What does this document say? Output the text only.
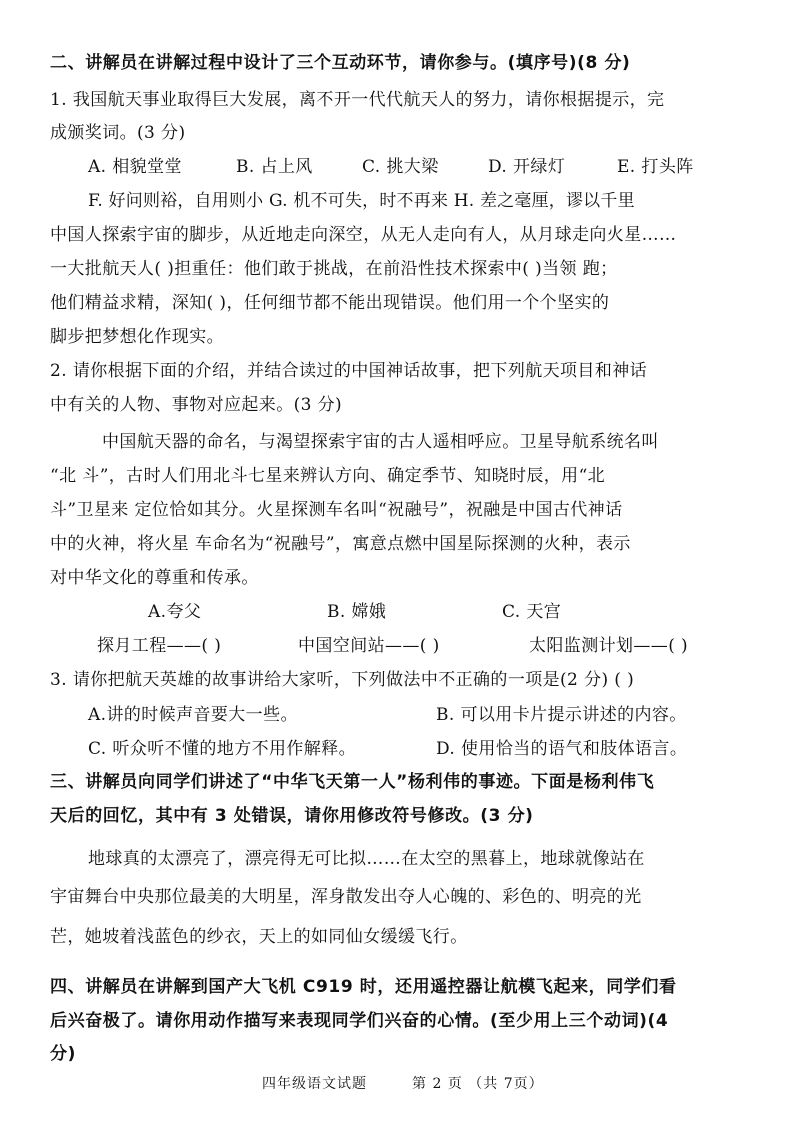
二、讲解员在讲解过程中设计了三个互动环节，请你参与。(填序号)(8 分)
1. 我国航天事业取得巨大发展，离不开一代代航天人的努力，请你根据提示，完
成颁奖词。(3 分)
A. 相貌堂堂	B. 占上风	C. 挑大梁	D. 开绿灯	E. 打头阵
F. 好问则裕，自用则小 G. 机不可失，时不再来 H. 差之毫厘，谬以千里
中国人探索宇宙的脚步，从近地走向深空，从无人走向有人，从月球走向火星……
一大批航天人( )担重任：他们敢于挑战，在前沿性技术探索中( )当领 跑；
他们精益求精，深知( )，任何细节都不能出现错误。他们用一个个坚实的
脚步把梦想化作现实。
2. 请你根据下面的介绍，并结合读过的中国神话故事，把下列航天项目和神话
中有关的人物、事物对应起来。(3 分)
中国航天器的命名，与渴望探索宇宙的古人遥相呼应。卫星导航系统名叫
“北 斗”，古时人们用北斗七星来辨认方向、确定季节、知晓时辰，用“北
斗”卫星来 定位恰如其分。火星探测车名叫“祝融号”，祝融是中国古代神话
中的火神，将火星 车命名为“祝融号”，寓意点燃中国星际探测的火种，表示
对中华文化的尊重和传承。
A.夸父	B. 嫦娥	C. 天宫
探月工程——( )	中国空间站——( )	太阳监测计划——( )
3. 请你把航天英雄的故事讲给大家听，下列做法中不正确的一项是(2 分) ( )
A.讲的时候声音要大一些。	B. 可以用卡片提示讲述的内容。
C. 听众听不懂的地方不用作解释。	D. 使用恰当的语气和肢体语言。
三、讲解员向同学们讲述了“中华飞天第一人”杨利伟的事迹。下面是杨利伟飞
天后的回忆，其中有 3 处错误，请你用修改符号修改。(3 分)
地球真的太漂亮了，漂亮得无可比拟……在太空的黑暮上，地球就像站在
宇宙舞台中央那位最美的大明星，浑身散发出夺人心魄的、彩色的、明亮的光
芒，她坡着浅蓝色的纱衣，天上的如同仙女缓缓飞行。
四、讲解员在讲解到国产大飞机 C919 时，还用遥控器让航模飞起来，同学们看
后兴奋极了。请你用动作描写来表现同学们兴奋的心情。(至少用上三个动词)(4
分)
四年级语文试题	第 2 页 （共 7页）
